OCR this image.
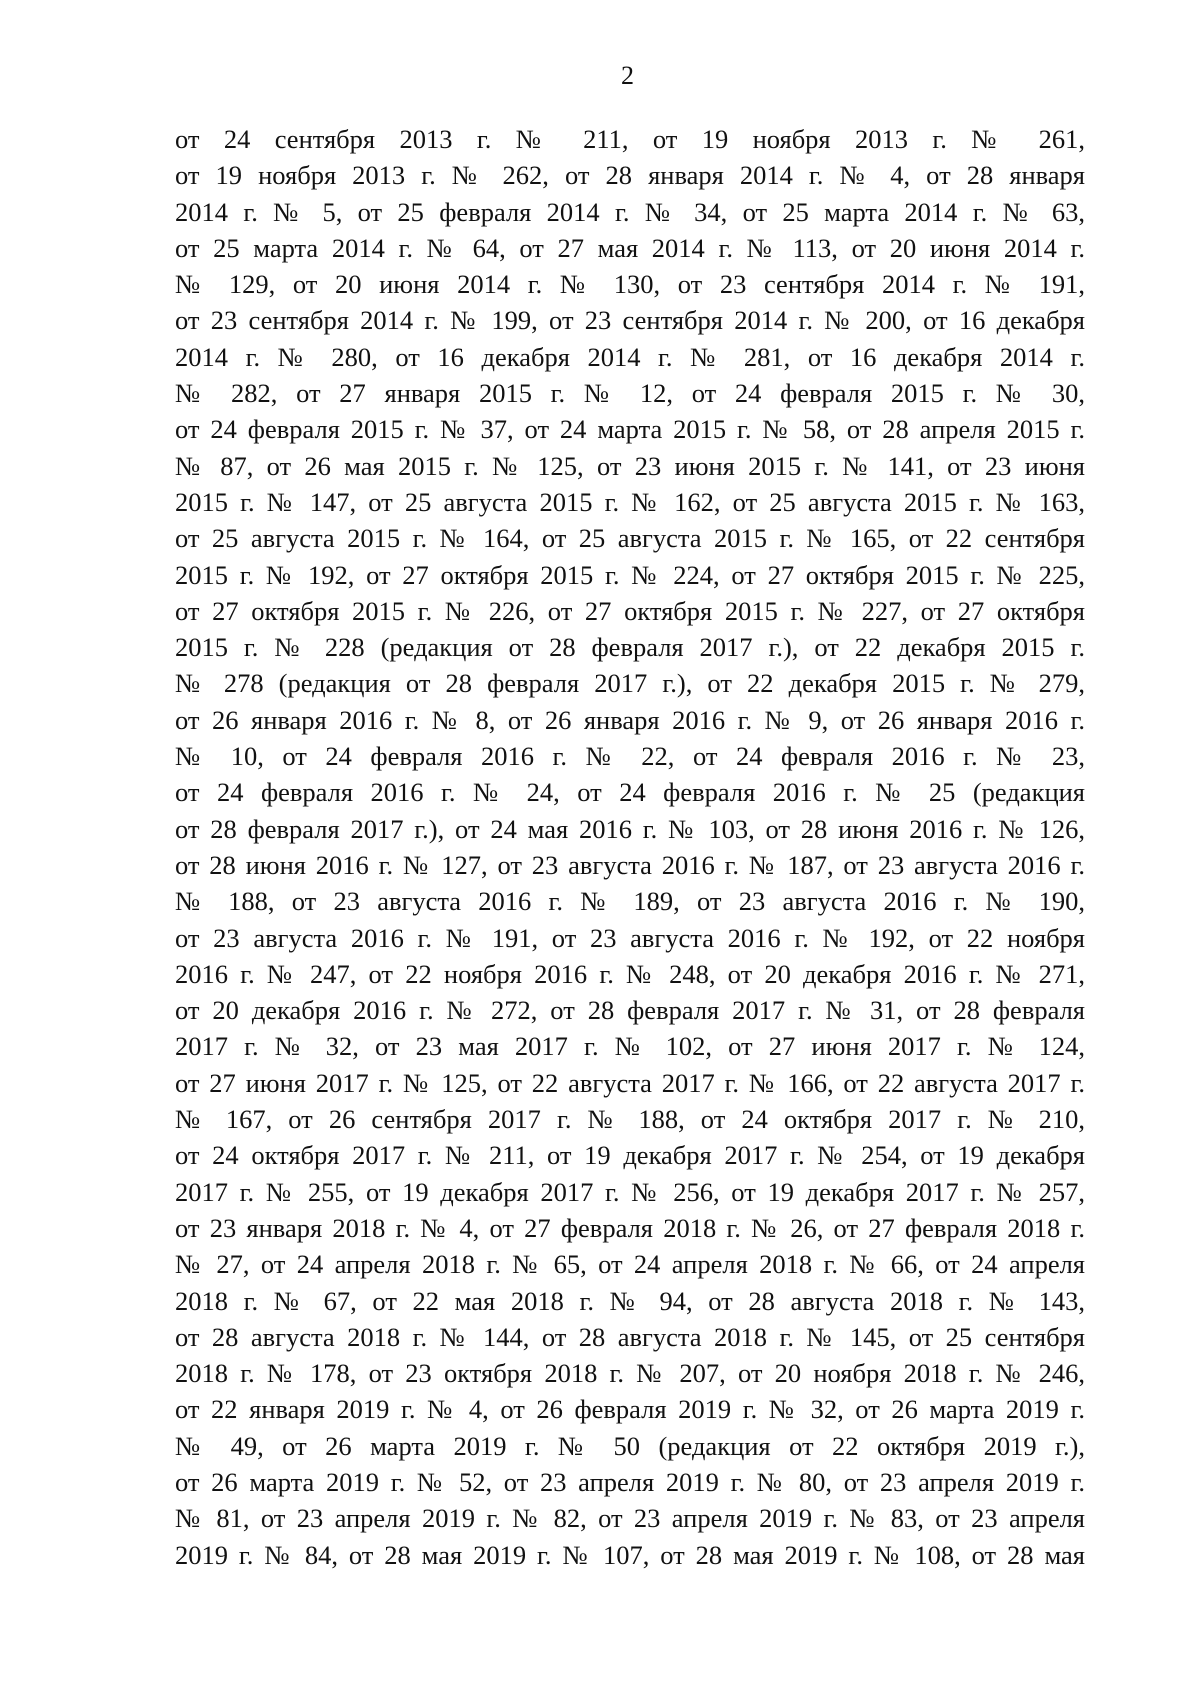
2
от 24 сентября 2013 г. № 211, от 19 ноября 2013 г. № 261,
от 19 ноября 2013 г. № 262, от 28 января 2014 г. № 4, от 28 января
2014 г. № 5, от 25 февраля 2014 г. № 34, от 25 марта 2014 г. № 63,
от 25 марта 2014 г. № 64, от 27 мая 2014 г. № 113, от 20 июня 2014 г.
№ 129, от 20 июня 2014 г. № 130, от 23 сентября 2014 г. № 191,
от 23 сентября 2014 г. № 199, от 23 сентября 2014 г. № 200, от 16 декабря
2014 г. № 280, от 16 декабря 2014 г. № 281, от 16 декабря 2014 г.
№ 282, от 27 января 2015 г. № 12, от 24 февраля 2015 г. № 30,
от 24 февраля 2015 г. № 37, от 24 марта 2015 г. № 58, от 28 апреля 2015 г.
№ 87, от 26 мая 2015 г. № 125, от 23 июня 2015 г. № 141, от 23 июня
2015 г. № 147, от 25 августа 2015 г. № 162, от 25 августа 2015 г. № 163,
от 25 августа 2015 г. № 164, от 25 августа 2015 г. № 165, от 22 сентября
2015 г. № 192, от 27 октября 2015 г. № 224, от 27 октября 2015 г. № 225,
от 27 октября 2015 г. № 226, от 27 октября 2015 г. № 227, от 27 октября
2015 г. № 228 (редакция от 28 февраля 2017 г.), от 22 декабря 2015 г.
№ 278 (редакция от 28 февраля 2017 г.), от 22 декабря 2015 г. № 279,
от 26 января 2016 г. № 8, от 26 января 2016 г. № 9, от 26 января 2016 г.
№ 10, от 24 февраля 2016 г. № 22, от 24 февраля 2016 г. № 23,
от 24 февраля 2016 г. № 24, от 24 февраля 2016 г. № 25 (редакция
от 28 февраля 2017 г.), от 24 мая 2016 г. № 103, от 28 июня 2016 г. № 126,
от 28 июня 2016 г. № 127, от 23 августа 2016 г. № 187, от 23 августа 2016 г.
№ 188, от 23 августа 2016 г. № 189, от 23 августа 2016 г. № 190,
от 23 августа 2016 г. № 191, от 23 августа 2016 г. № 192, от 22 ноября
2016 г. № 247, от 22 ноября 2016 г. № 248, от 20 декабря 2016 г. № 271,
от 20 декабря 2016 г. № 272, от 28 февраля 2017 г. № 31, от 28 февраля
2017 г. № 32, от 23 мая 2017 г. № 102, от 27 июня 2017 г. № 124,
от 27 июня 2017 г. № 125, от 22 августа 2017 г. № 166, от 22 августа 2017 г.
№ 167, от 26 сентября 2017 г. № 188, от 24 октября 2017 г. № 210,
от 24 октября 2017 г. № 211, от 19 декабря 2017 г. № 254, от 19 декабря
2017 г. № 255, от 19 декабря 2017 г. № 256, от 19 декабря 2017 г. № 257,
от 23 января 2018 г. № 4, от 27 февраля 2018 г. № 26, от 27 февраля 2018 г.
№ 27, от 24 апреля 2018 г. № 65, от 24 апреля 2018 г. № 66, от 24 апреля
2018 г. № 67, от 22 мая 2018 г. № 94, от 28 августа 2018 г. № 143,
от 28 августа 2018 г. № 144, от 28 августа 2018 г. № 145, от 25 сентября
2018 г. № 178, от 23 октября 2018 г. № 207, от 20 ноября 2018 г. № 246,
от 22 января 2019 г. № 4, от 26 февраля 2019 г. № 32, от 26 марта 2019 г.
№ 49, от 26 марта 2019 г. № 50 (редакция от 22 октября 2019 г.),
от 26 марта 2019 г. № 52, от 23 апреля 2019 г. № 80, от 23 апреля 2019 г.
№ 81, от 23 апреля 2019 г. № 82, от 23 апреля 2019 г. № 83, от 23 апреля
2019 г. № 84, от 28 мая 2019 г. № 107, от 28 мая 2019 г. № 108, от 28 мая
